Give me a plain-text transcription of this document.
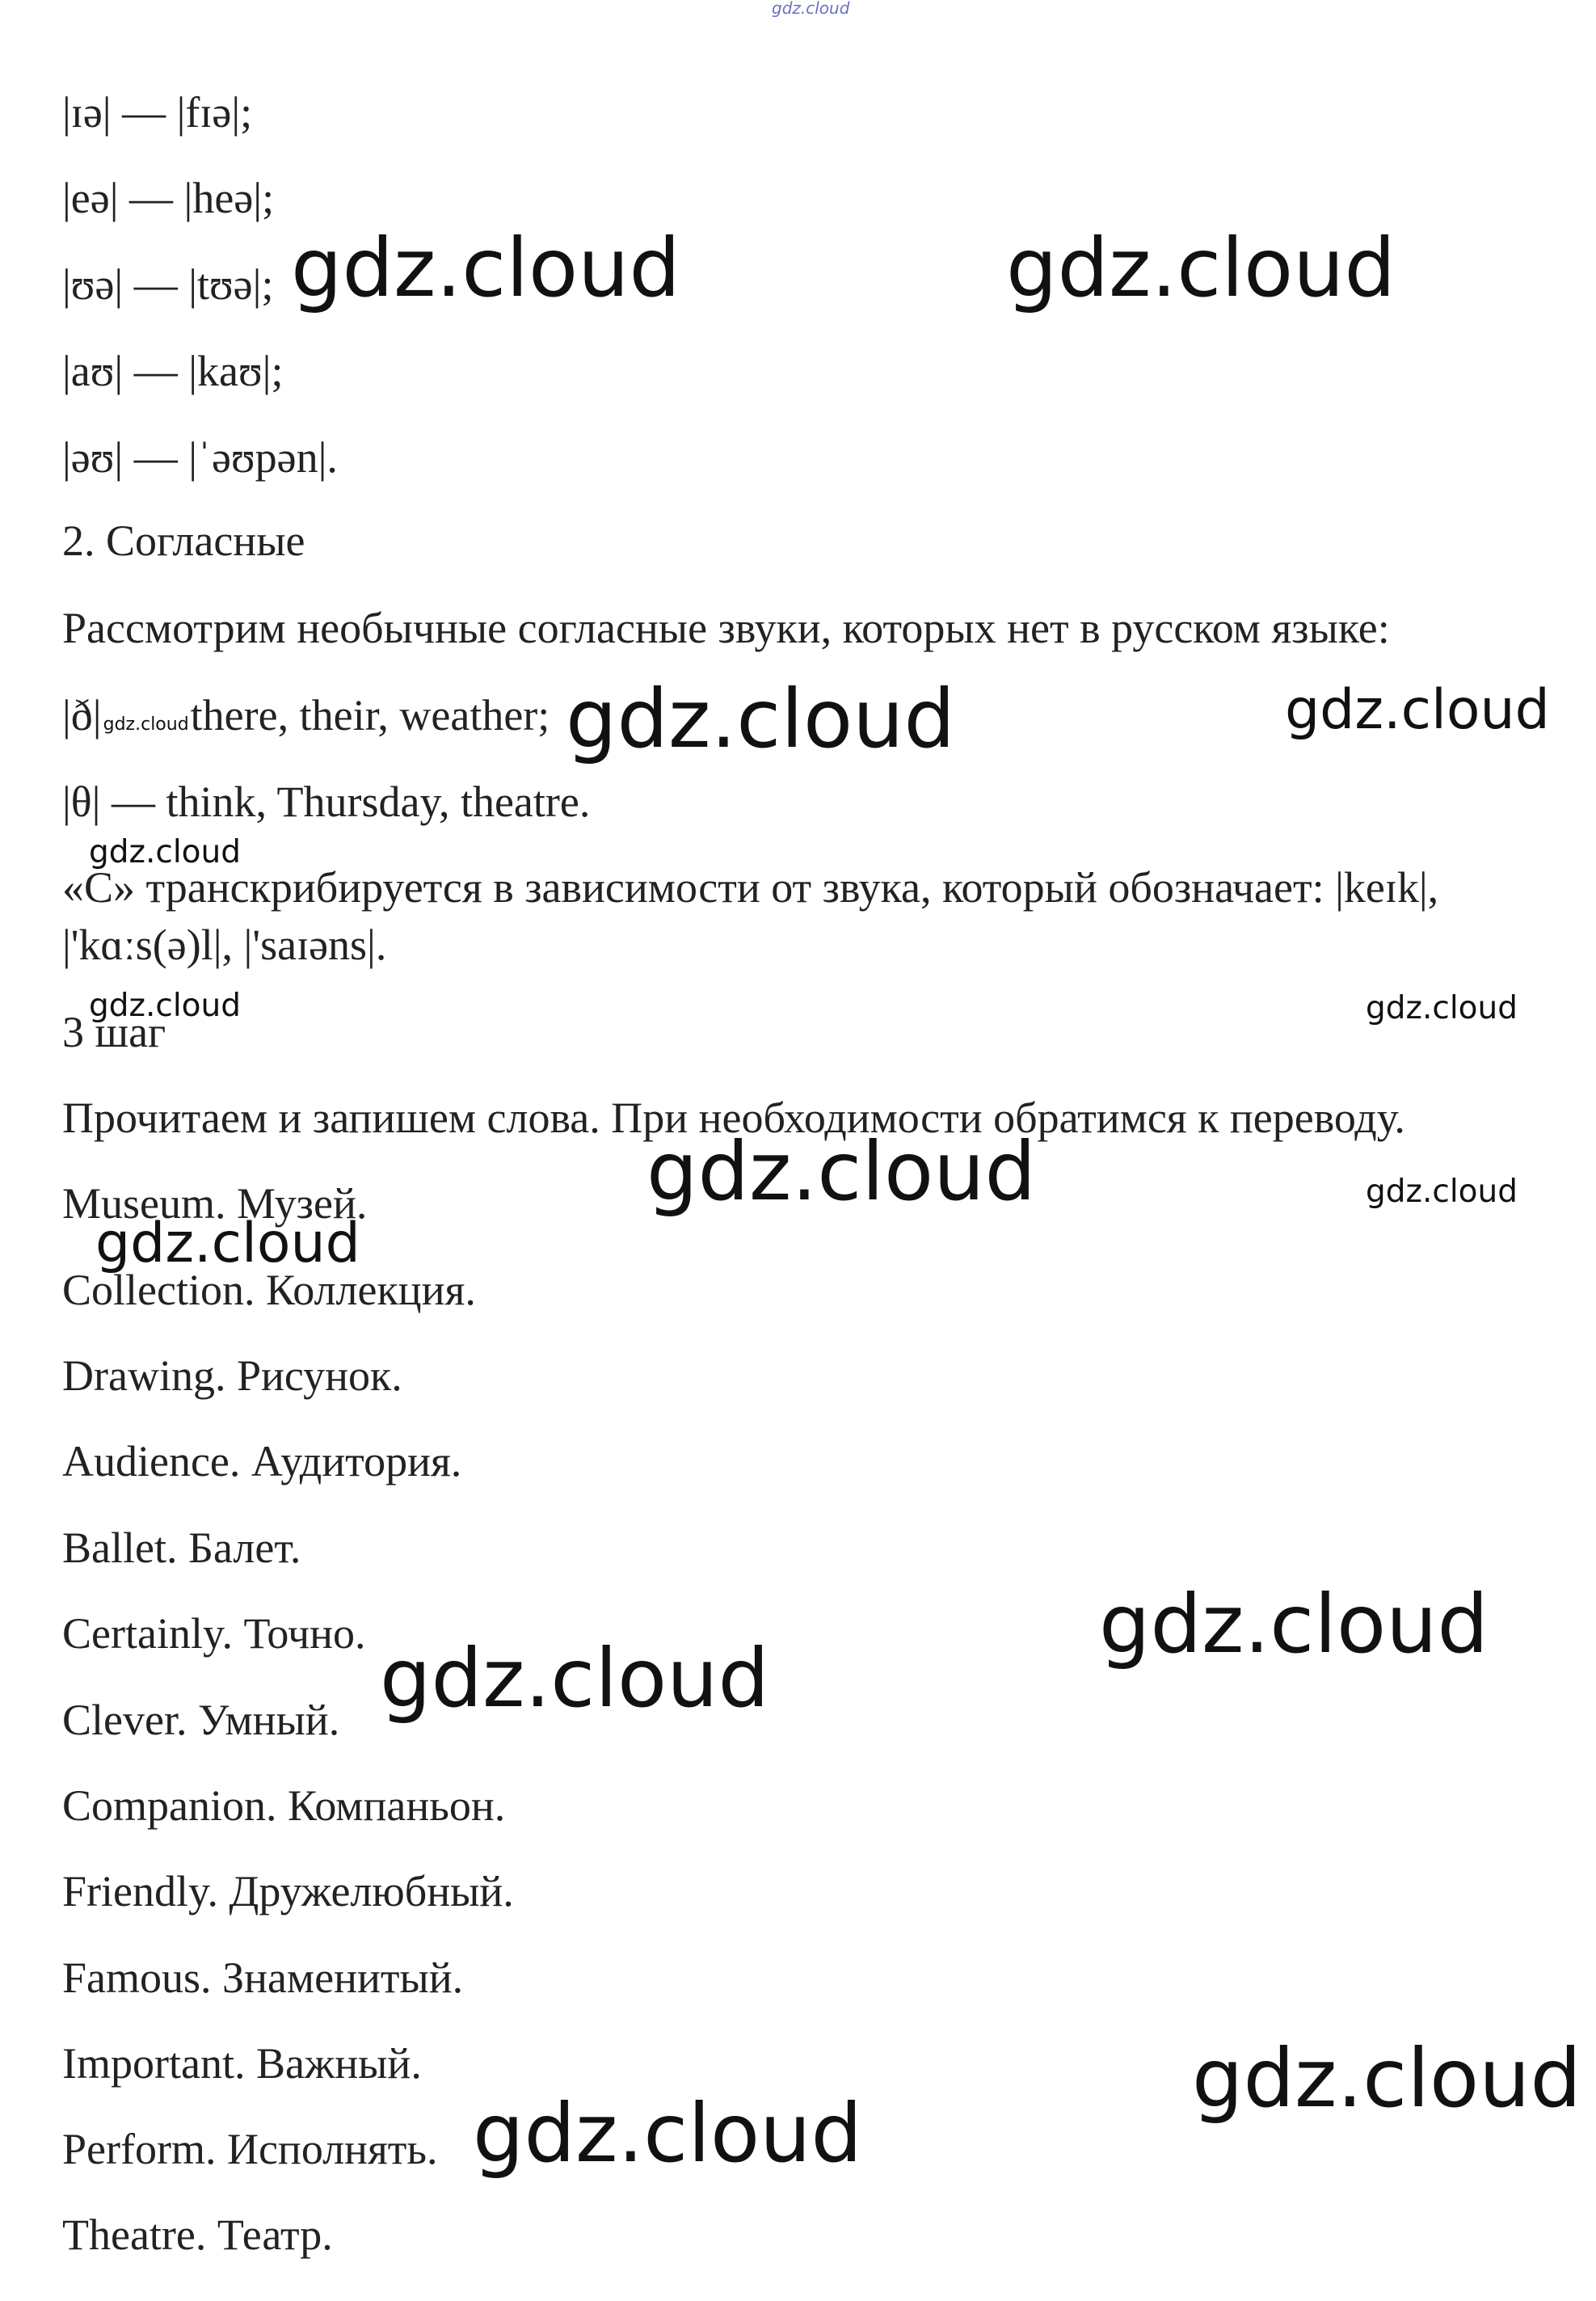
gdz.cloud
|ɪə| — |fɪə|;
|eə| — |heə|;
|ʊə| — |tʊə|;
|aʊ| — |kaʊ|;
|əʊ| — |ˈəʊpən|.
2. Согласные
Рассмотрим необычные согласные звуки, которых нет в русском языке:
|ð|gdz.cloudthere, their, weather;
|θ| — think, Thursday, theatre.
«C» транскрибируется в зависимости от звука, который обозначает: |keɪk|,
|'kɑːs(ə)l|, |'saɪəns|.
3 шаг
Прочитаем и запишем слова. При необходимости обратимся к переводу.
Museum. Музей.
Collection. Коллекция.
Drawing. Рисунок.
Audience. Аудитория.
Ballet. Балет.
Certainly. Точно.
Clever. Умный.
Companion. Компаньон.
Friendly. Дружелюбный.
Famous. Знаменитый.
Important. Важный.
Perform. Исполнять.
Theatre. Театр.
gdz.cloud	gdz.cloud
gdz.cloud	gdz.cloud
gdz.cloud
gdz.cloud	gdz.cloud
gdz.cloud	gdz.cloud
gdz.cloud
gdz.cloud
gdz.cloud
gdz.cloud
gdz.cloud
